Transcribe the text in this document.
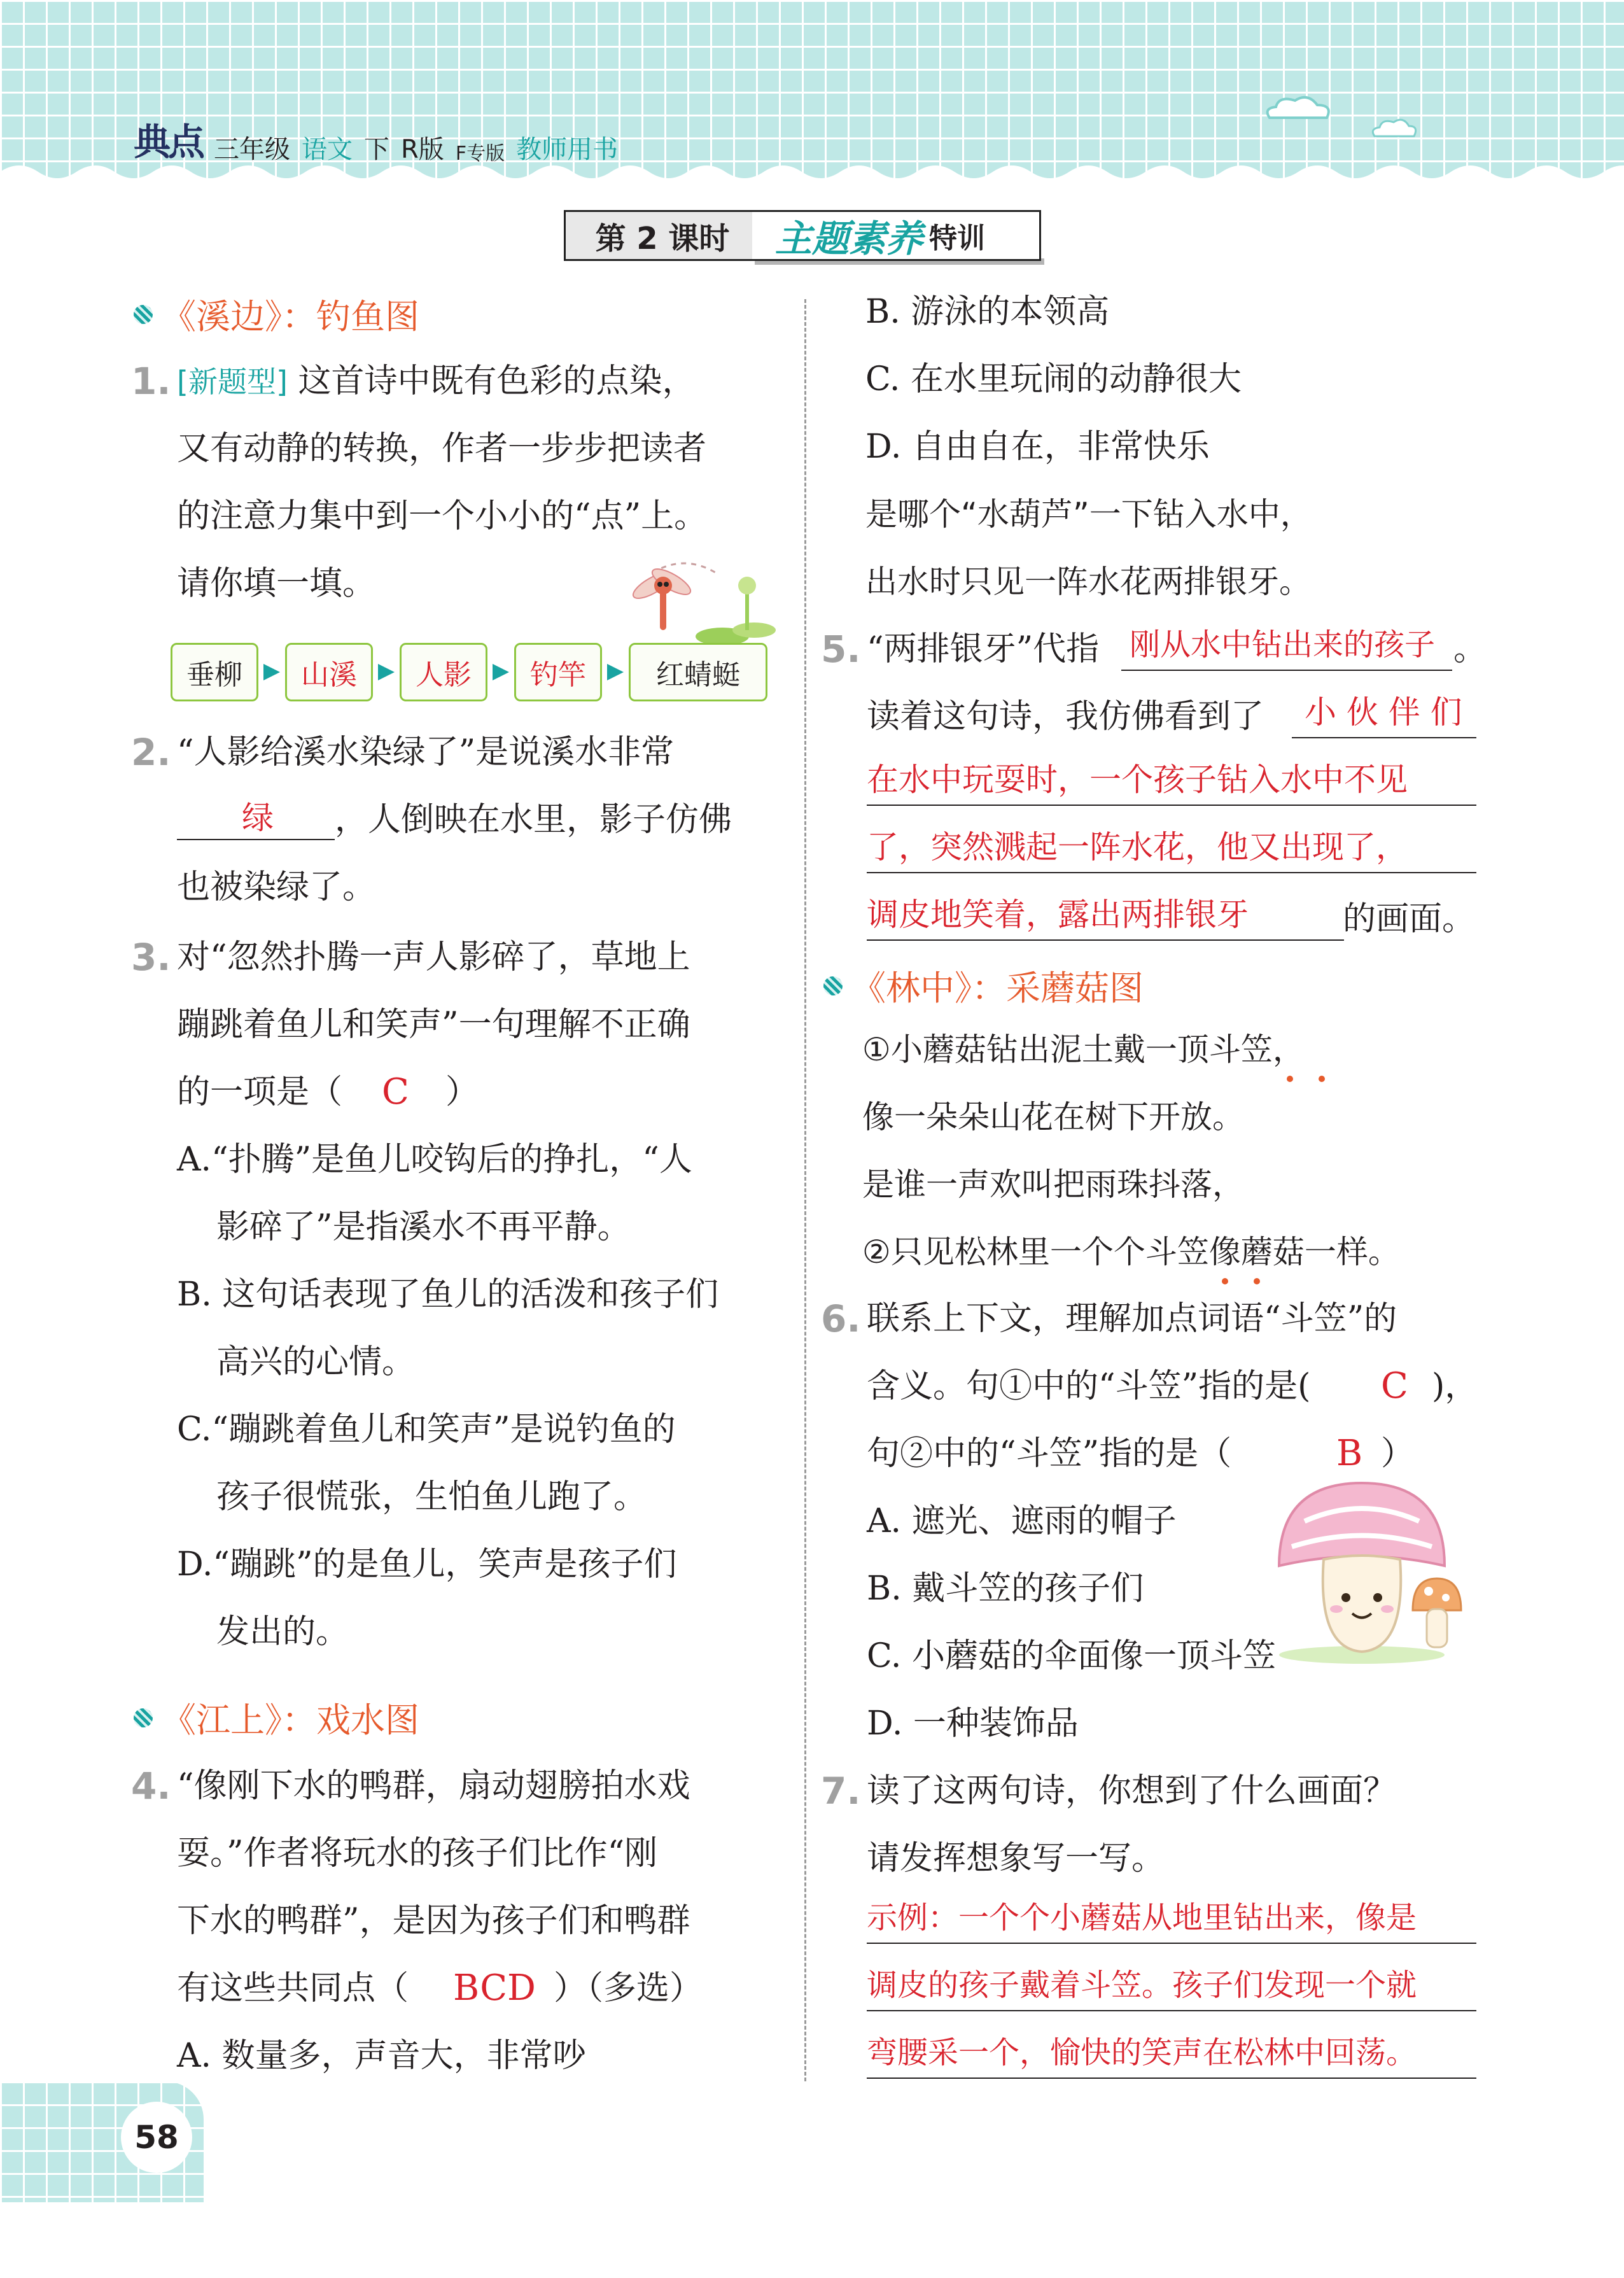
典点 三年级 语文 下 R版 F专版 教师用书
第 2 课时	主题素养 特训
《溪边》：钓鱼图
1. [新题型] 这首诗中既有色彩的点染，
又有动静的转换，作者一步步把读者
的注意力集中到一个小小的“点”上。
请你填一填。
垂柳	山溪	人影	钓竿	红蜻蜓
2. “人影给溪水染绿了”是说溪水非常
绿 ，人倒映在水里，影子仿佛
也被染绿了。
3. 对“忽然扑腾一声人影碎了，草地上
蹦跳着鱼儿和笑声”一句理解不正确
的一项是（ C ）
A.“扑腾”是鱼儿咬钩后的挣扎，“人
影碎了”是指溪水不再平静。
B. 这句话表现了鱼儿的活泼和孩子们
高兴的心情。
C.“蹦跳着鱼儿和笑声”是说钓鱼的
孩子很慌张，生怕鱼儿跑了。
D.“蹦跳”的是鱼儿，笑声是孩子们
发出的。
《江上》：戏水图
4. “像刚下水的鸭群，扇动翅膀拍水戏
耍。”作者将玩水的孩子们比作“刚
下水的鸭群”，是因为孩子们和鸭群
有这些共同点（ BCD ）（多选）
A. 数量多，声音大，非常吵
B. 游泳的本领高
C. 在水里玩闹的动静很大
D. 自由自在，非常快乐
是哪个“水葫芦”一下钻入水中，
出水时只见一阵水花两排银牙。
5. “两排银牙”代指 刚从水中钻出来的孩子 。
读着这句诗，我仿佛看到了 小 伙 伴 们
在水中玩耍时，一个孩子钻入水中不见
了，突然溅起一阵水花，他又出现了，
调皮地笑着，露出两排银牙	的画面。
《林中》：采蘑菇图
①小蘑菇钻出泥土戴一顶斗笠，
像一朵朵山花在树下开放。
是谁一声欢叫把雨珠抖落，
②只见松林里一个个斗笠像蘑菇一样。
6. 联系上下文，理解加点词语“斗笠”的
含义。句①中的“斗笠”指的是( C )，
句②中的“斗笠”指的是（	B ）
A. 遮光、遮雨的帽子
B. 戴斗笠的孩子们
C. 小蘑菇的伞面像一顶斗笠
D. 一种装饰品
7. 读了这两句诗，你想到了什么画面？
请发挥想象写一写。
示例：一个个小蘑菇从地里钻出来，像是
调皮的孩子戴着斗笠。孩子们发现一个就
弯腰采一个，愉快的笑声在松林中回荡。
58
